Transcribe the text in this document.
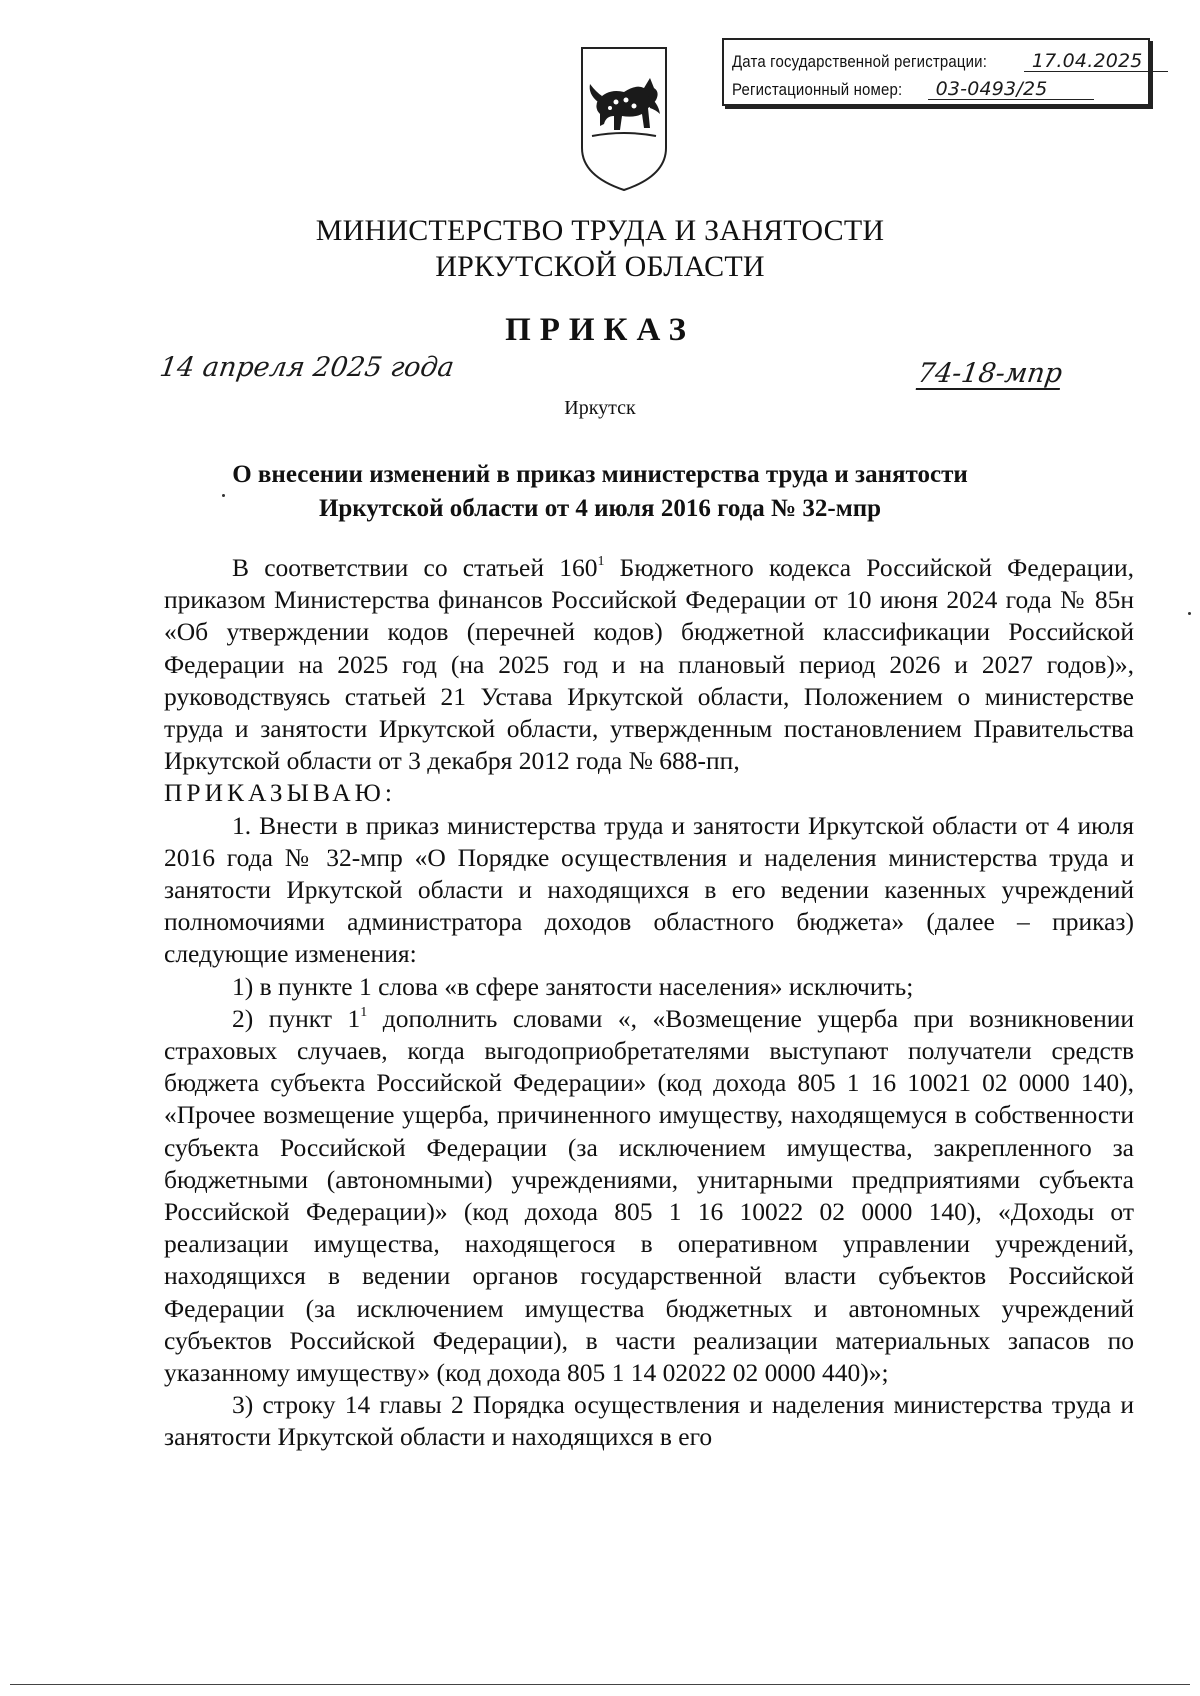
Дата государственной регистрации:	17.04.2025
Регистационный номер:	03-0493/25
МИНИСТЕРСТВО ТРУДА И ЗАНЯТОСТИ
ИРКУТСКОЙ ОБЛАСТИ
ПРИКАЗ
14 апреля 2025 года	74-18-мпр
Иркутск
О внесении изменений в приказ министерства труда и занятости
Иркутской области от 4 июля 2016 года № 32-мпр

В соответствии со статьей $160^1$ Бюджетного кодекса Российской Федерации, приказом Министерства финансов Российской Федерации от 10 июня 2024 года № 85н «Об утверждении кодов (перечней кодов) бюджетной классификации Российской Федерации на 2025 год (на 2025 год и на плановый период 2026 и 2027 годов)», руководствуясь статьей 21 Устава Иркутской области, Положением о министерстве труда и занятости Иркутской области, утвержденным постановлением Правительства Иркутской области от 3 декабря 2012 года № 688-пп,

ПРИКАЗЫВАЮ:

1. Внести в приказ министерства труда и занятости Иркутской области от 4 июля 2016 года № 32-мпр «О Порядке осуществления и наделения министерства труда и занятости Иркутской области и находящихся в его ведении казенных учреждений полномочиями администратора доходов областного бюджета» (далее – приказ) следующие изменения:

1) в пункте 1 слова «в сфере занятости населения» исключить;

2) пункт $1^1$ дополнить словами «, «Возмещение ущерба при возникновении страховых случаев, когда выгодоприобретателями выступают получатели средств бюджета субъекта Российской Федерации» (код дохода 805 1 16 10021 02 0000 140), «Прочее возмещение ущерба, причиненного имуществу, находящемуся в собственности субъекта Российской Федерации (за исключением имущества, закрепленного за бюджетными (автономными) учреждениями, унитарными предприятиями субъекта Российской Федерации)» (код дохода 805 1 16 10022 02 0000 140), «Доходы от реализации имущества, находящегося в оперативном управлении учреждений, находящихся в ведении органов государственной власти субъектов Российской Федерации (за исключением имущества бюджетных и автономных учреждений субъектов Российской Федерации), в части реализации материальных запасов по указанному имуществу» (код дохода 805 1 14 02022 02 0000 440)»;

3) строку 14 главы 2 Порядка осуществления и наделения министерства труда и занятости Иркутской области и находящихся в его
